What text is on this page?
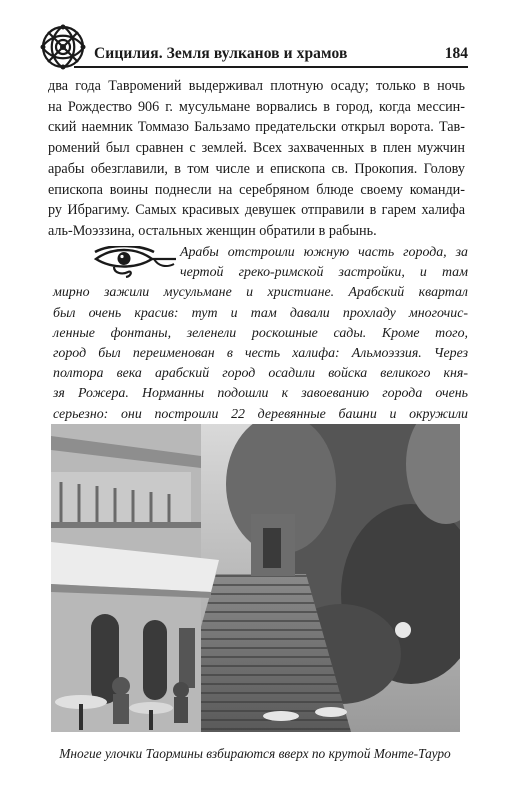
Сицилия. Земля вулканов и храмов	184
два года Тавромений выдерживал плотную осаду; только в ночь
на Рождество 906 г. мусульмане ворвались в город, когда мессин-
ский наемник Томмазо Бальзамо предательски открыл ворота. Тав-
ромений был сравнен с землей. Всех захваченных в плен мужчин
арабы обезглавили, в том числе и епископа св. Прокопия. Голову
епископа воины поднесли на серебряном блюде своему команди-
ру Ибрагиму. Самых красивых девушек отправили в гарем халифа
аль-Моэззина, остальных женщин обратили в рабынь.
Арабы отстроили южную часть города, за
чертой греко-римской застройки, и там
мирно зажили мусульмане и христиане. Арабский квартал
был очень красив: тут и там давали прохладу многочис-
ленные фонтаны, зеленели роскошные сады. Кроме того,
город был переименован в честь халифа: Альмоэззия. Через
полтора века арабский город осадили войска великого кня-
зя Рожера. Норманны подошли к завоеванию города очень
серьезно: они построили 22 деревянные башни и окружили
Многие улочки Таормины взбираются вверх по крутой Монте-Тауро
